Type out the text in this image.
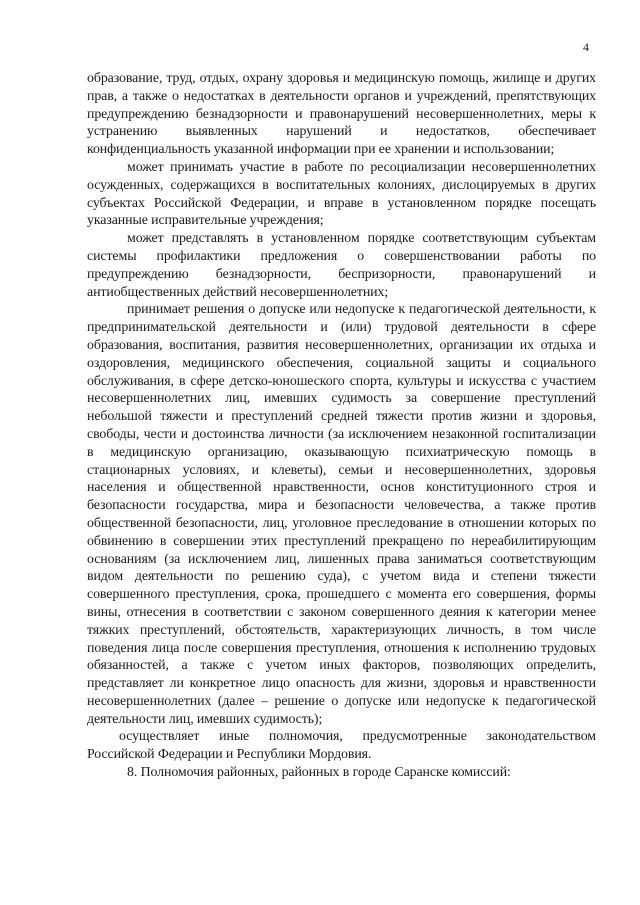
4

образование, труд, отдых, охрану здоровья и медицинскую помощь, жилище и других прав, а также о недостатках в деятельности органов и учреждений, препятствующих предупреждению безнадзорности и правонарушений несовершеннолетних, меры к устранению выявленных нарушений и недостатков, обеспечивает конфиденциальность указанной информации при ее хранении и использовании;

может принимать участие в работе по ресоциализации несовершеннолетних осужденных, содержащихся в воспитательных колониях, дислоцируемых в других субъектах Российской Федерации, и вправе в установленном порядке посещать указанные исправительные учреждения;

может представлять в установленном порядке соответствующим субъектам системы профилактики предложения о совершенствовании работы по предупреждению безнадзорности, беспризорности, правонарушений и антиобщественных действий несовершеннолетних;

принимает решения о допуске или недопуске к педагогической деятельности, к предпринимательской деятельности и (или) трудовой деятельности в сфере образования, воспитания, развития несовершеннолетних, организации их отдыха и оздоровления, медицинского обеспечения, социальной защиты и социального обслуживания, в сфере детско-юношеского спорта, культуры и искусства с участием несовершеннолетних лиц, имевших судимость за совершение преступлений небольшой тяжести и преступлений средней тяжести против жизни и здоровья, свободы, чести и достоинства личности (за исключением незаконной госпитализации в медицинскую организацию, оказывающую психиатрическую помощь в стационарных условиях, и клеветы), семьи и несовершеннолетних, здоровья населения и общественной нравственности, основ конституционного строя и безопасности государства, мира и безопасности человечества, а также против общественной безопасности, лиц, уголовное преследование в отношении которых по обвинению в совершении этих преступлений прекращено по нереабилитирующим основаниям (за исключением лиц, лишенных права заниматься соответствующим видом деятельности по решению суда), с учетом вида и степени тяжести совершенного преступления, срока, прошедшего с момента его совершения, формы вины, отнесения в соответствии с законом совершенного деяния к категории менее тяжких преступлений, обстоятельств, характеризующих личность, в том числе поведения лица после совершения преступления, отношения к исполнению трудовых обязанностей, а также с учетом иных факторов, позволяющих определить, представляет ли конкретное лицо опасность для жизни, здоровья и нравственности несовершеннолетних (далее – решение о допуске или недопуске к педагогической деятельности лиц, имевших судимость);

осуществляет иные полномочия, предусмотренные законодательством Российской Федерации и Республики Мордовия.

8. Полномочия районных, районных в городе Саранске комиссий:
